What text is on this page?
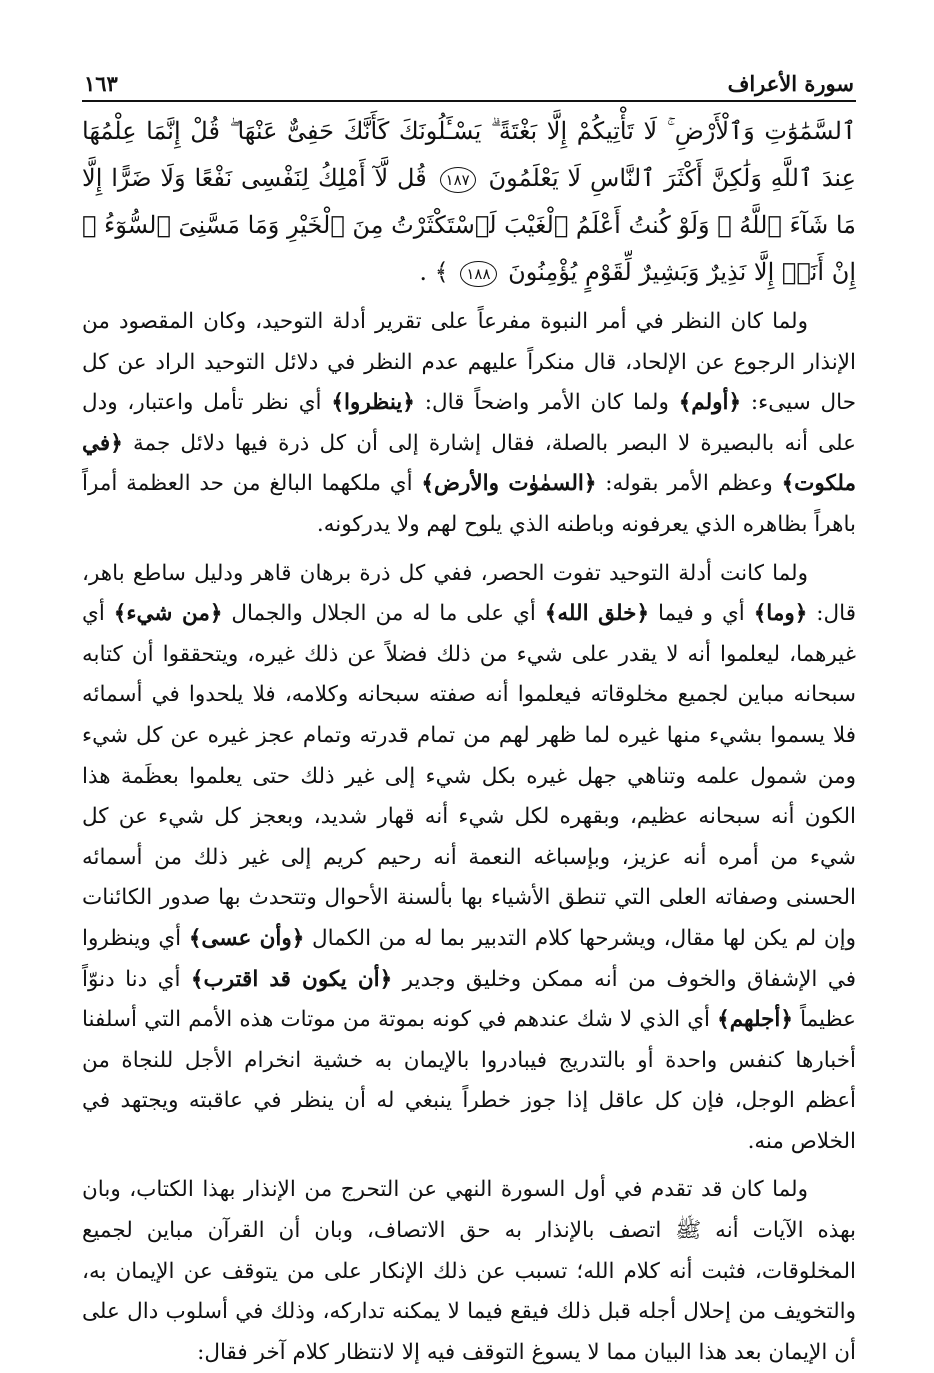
سورة الأعراف
١٦٣
ٱلسَّمَٰوَٰتِ وَٱلْأَرْضِ ۚ لَا تَأْتِيكُمْ إِلَّا بَغْتَةً ۗ يَسْـَٔلُونَكَ كَأَنَّكَ حَفِىٌّ عَنْهَا ۖ قُلْ إِنَّمَا عِلْمُهَا عِندَ ٱللَّهِ وَلَٰكِنَّ أَكْثَرَ ٱلنَّاسِ لَا يَعْلَمُونَ ١٨٧ قُل لَّآ أَمْلِكُ لِنَفْسِى نَفْعًا وَلَا ضَرًّا إِلَّا مَا شَآءَ ٱللَّهُ ۚ وَلَوْ كُنتُ أَعْلَمُ ٱلْغَيْبَ لَٱسْتَكْثَرْتُ مِنَ ٱلْخَيْرِ وَمَا مَسَّنِىَ ٱلسُّوٓءُ ۚ إِنْ أَنَا۠ إِلَّا نَذِيرٌ وَبَشِيرٌ لِّقَوْمٍ يُؤْمِنُونَ ١٨٨ ﴾ .

ولما كان النظر في أمر النبوة مفرعاً على تقرير أدلة التوحيد، وكان المقصود من الإنذار الرجوع عن الإلحاد، قال منكراً عليهم عدم النظر في دلائل التوحيد الراد عن كل حال سيىء: ﴿أولم﴾ ولما كان الأمر واضحاً قال: ﴿ينظروا﴾ أي نظر تأمل واعتبار، ودل على أنه بالبصيرة لا البصر بالصلة، فقال إشارة إلى أن كل ذرة فيها دلائل جمة ﴿في ملكوت﴾ وعظم الأمر بقوله: ﴿السمٰوٰت والأرض﴾ أي ملكهما البالغ من حد العظمة أمراً باهراً بظاهره الذي يعرفونه وباطنه الذي يلوح لهم ولا يدركونه.

ولما كانت أدلة التوحيد تفوت الحصر، ففي كل ذرة برهان قاهر ودليل ساطع باهر، قال: ﴿وما﴾ أي و فيما ﴿خلق الله﴾ أي على ما له من الجلال والجمال ﴿من شيء﴾ أي غيرهما، ليعلموا أنه لا يقدر على شيء من ذلك فضلاً عن ذلك غيره، ويتحققوا أن كتابه سبحانه مباين لجميع مخلوقاته فيعلموا أنه صفته سبحانه وكلامه، فلا يلحدوا في أسمائه فلا يسموا بشيء منها غيره لما ظهر لهم من تمام قدرته وتمام عجز غيره عن كل شيء ومن شمول علمه وتناهي جهل غيره بكل شيء إلى غير ذلك حتى يعلموا بعظَمة هذا الكون أنه سبحانه عظيم، وبقهره لكل شيء أنه قهار شديد، وبعجز كل شيء عن كل شيء من أمره أنه عزيز، وبإسباغه النعمة أنه رحيم كريم إلى غير ذلك من أسمائه الحسنى وصفاته العلى التي تنطق الأشياء بها بألسنة الأحوال وتتحدث بها صدور الكائنات وإن لم يكن لها مقال، ويشرحها كلام التدبير بما له من الكمال ﴿وأن عسى﴾ أي وينظروا في الإشفاق والخوف من أنه ممكن وخليق وجدير ﴿أن يكون قد اقترب﴾ أي دنا دنوّاً عظيماً ﴿أجلهم﴾ أي الذي لا شك عندهم في كونه بموتة من موتات هذه الأمم التي أسلفنا أخبارها كنفس واحدة أو بالتدريج فيبادروا بالإيمان به خشية انخرام الأجل للنجاة من أعظم الوجل، فإن كل عاقل إذا جوز خطراً ينبغي له أن ينظر في عاقبته ويجتهد في الخلاص منه.

ولما كان قد تقدم في أول السورة النهي عن التحرج من الإنذار بهذا الكتاب، وبان بهذه الآيات أنه ﷺ اتصف بالإنذار به حق الاتصاف، وبان أن القرآن مباين لجميع المخلوقات، فثبت أنه كلام الله؛ تسبب عن ذلك الإنكار على من يتوقف عن الإيمان به، والتخويف من إحلال أجله قبل ذلك فيقع فيما لا يمكنه تداركه، وذلك في أسلوب دال على أن الإيمان بعد هذا البيان مما لا يسوغ التوقف فيه إلا لانتظار كلام آخر فقال:
